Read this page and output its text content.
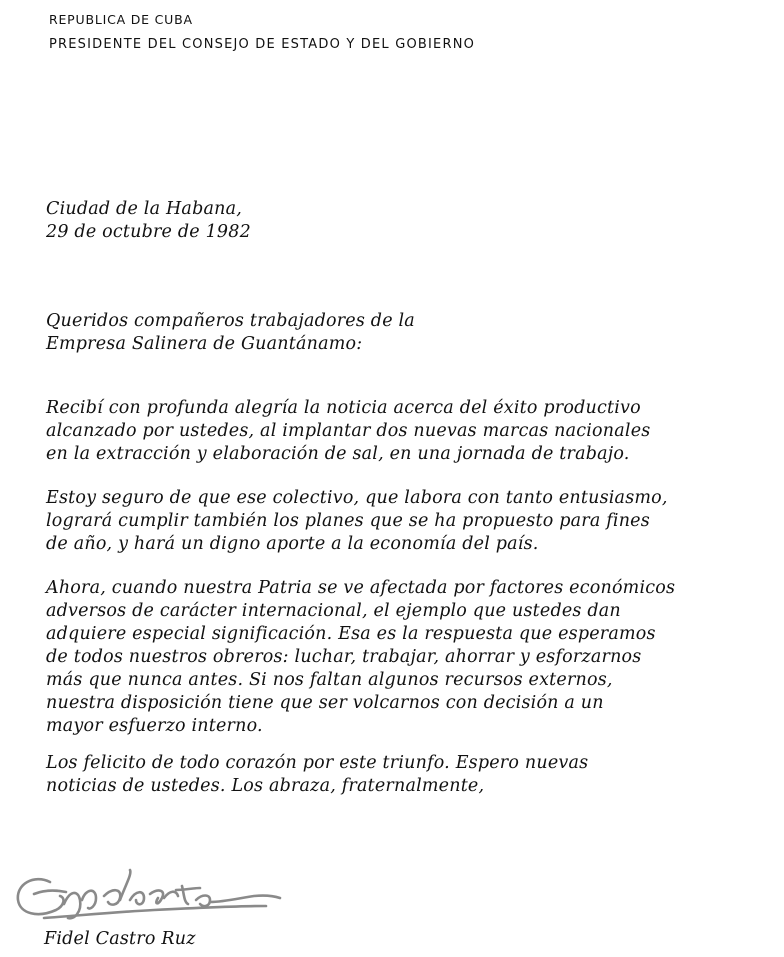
REPUBLICA DE CUBA
PRESIDENTE DEL CONSEJO DE ESTADO Y DEL GOBIERNO
Ciudad de la Habana,
29 de octubre de 1982
Queridos compañeros trabajadores de la
Empresa Salinera de Guantánamo:
Recibí con profunda alegría la noticia acerca del éxito productivo
alcanzado por ustedes, al implantar dos nuevas marcas nacionales
en la extracción y elaboración de sal, en una jornada de trabajo.
Estoy seguro de que ese colectivo, que labora con tanto entusiasmo,
logrará cumplir también los planes que se ha propuesto para fines
de año, y hará un digno aporte a la economía del país.
Ahora, cuando nuestra Patria se ve afectada por factores económicos
adversos de carácter internacional, el ejemplo que ustedes dan
adquiere especial significación. Esa es la respuesta que esperamos
de todos nuestros obreros: luchar, trabajar, ahorrar y esforzarnos
más que nunca antes. Si nos faltan algunos recursos externos,
nuestra disposición tiene que ser volcarnos con decisión a un
mayor esfuerzo interno.
Los felicito de todo corazón por este triunfo. Espero nuevas
noticias de ustedes. Los abraza, fraternalmente,
Fidel Castro Ruz
